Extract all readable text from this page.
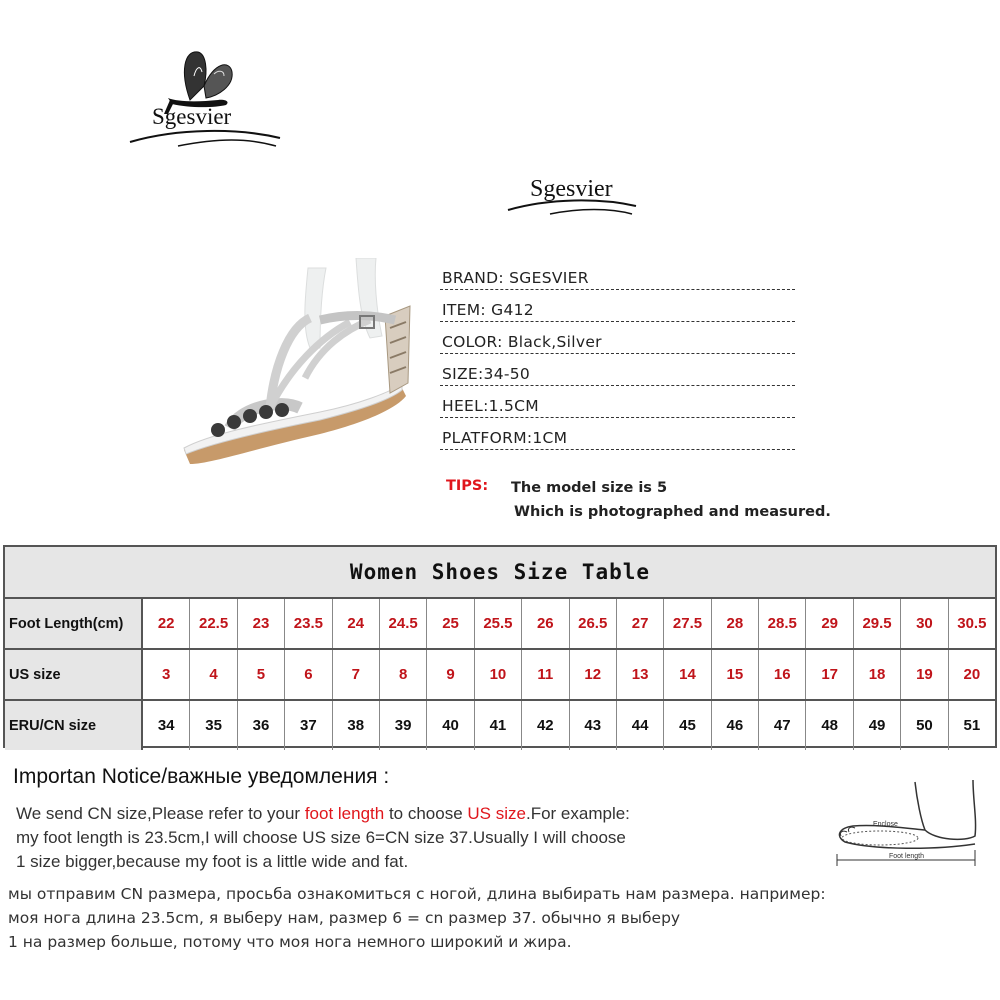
Sgesvier
Sgesvier
BRAND: SGESVIER
ITEM: G412
COLOR: Black,Silver
SIZE:34-50
HEEL:1.5CM
PLATFORM:1CM
TIPS: The model size is 5
Which is photographed and measured.
Women Shoes Size Table
Foot Length(cm)	22	22.5	23	23.5	24	24.5	25	25.5	26	26.5	27	27.5	28	28.5	29	29.5	30	30.5
US size	3	4	5	6	7	8	9	10	11	12	13	14	15	16	17	18	19	20
ERU/CN size	34	35	36	37	38	39	40	41	42	43	44	45	46	47	48	49	50	51
Importan Notice/важные уведомления :
We send CN size,Please refer to your foot length to choose US size.For example:
my foot length is 23.5cm,I will choose US size 6=CN size 37.Usually I will choose
1 size bigger,because my foot is a little wide and fat.
мы отправим CN размера, просьба ознакомиться с ногой, длина выбирать нам размера. например:
моя нога длина 23.5cm, я выберу нам, размер 6 = cn размер 37. обычно я выберу
1 на размер больше, потому что моя нога немного широкий и жира.
Enclose
Foot length
